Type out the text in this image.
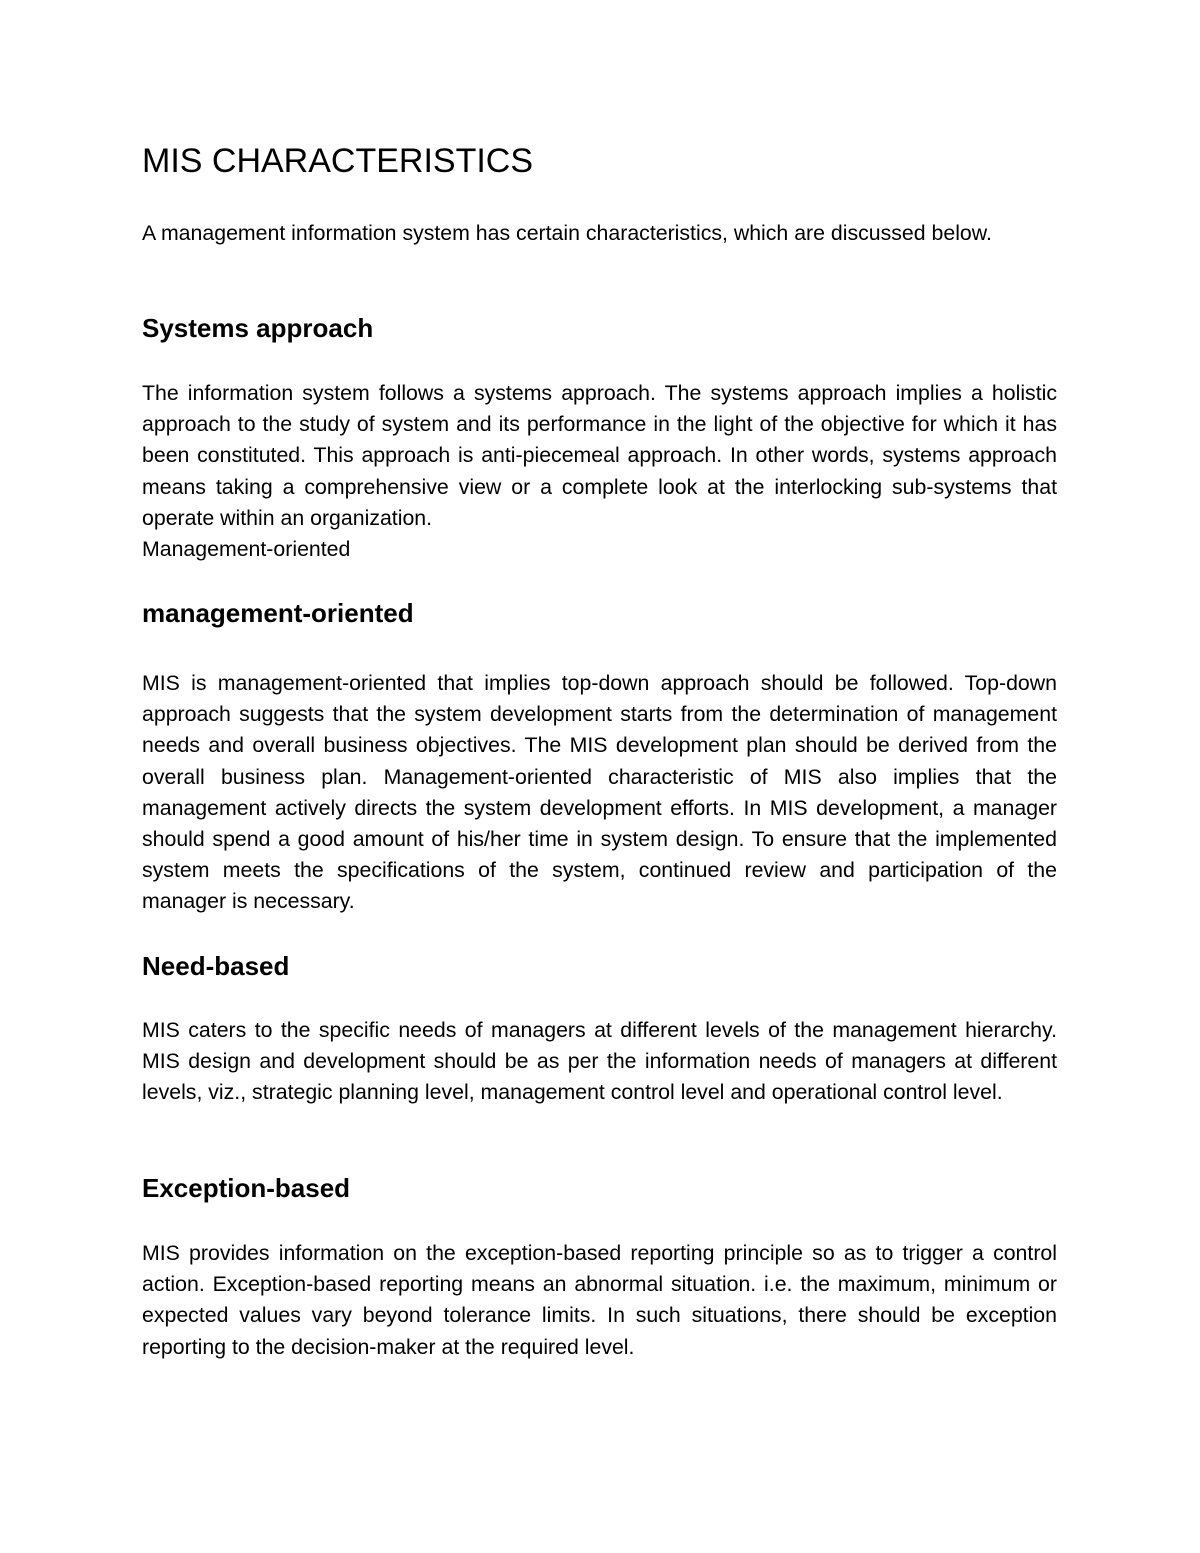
MIS CHARACTERISTICS

A management information system has certain characteristics, which are discussed below.

Systems approach

The information system follows a systems approach. The systems approach implies a holistic approach to the study of system and its performance in the light of the objective for which it has been constituted. This approach is anti-piecemeal approach. In other words, systems approach means taking a comprehensive view or a complete look at the interlocking sub-systems that operate within an organization.

Management-oriented

management-oriented

MIS is management-oriented that implies top-down approach should be followed. Top-down approach suggests that the system development starts from the determination of management needs and overall business objectives. The MIS development plan should be derived from the overall business plan. Management-oriented characteristic of MIS also implies that the management actively directs the system development efforts. In MIS development, a manager should spend a good amount of his/her time in system design. To ensure that the implemented system meets the specifications of the system, continued review and participation of the manager is necessary.

Need-based

MIS caters to the specific needs of managers at different levels of the management hierarchy. MIS design and development should be as per the information needs of managers at different levels, viz., strategic planning level, management control level and operational control level.

Exception-based

MIS provides information on the exception-based reporting principle so as to trigger a control action. Exception-based reporting means an abnormal situation. i.e. the maximum, minimum or expected values vary beyond tolerance limits. In such situations, there should be exception reporting to the decision-maker at the required level.
